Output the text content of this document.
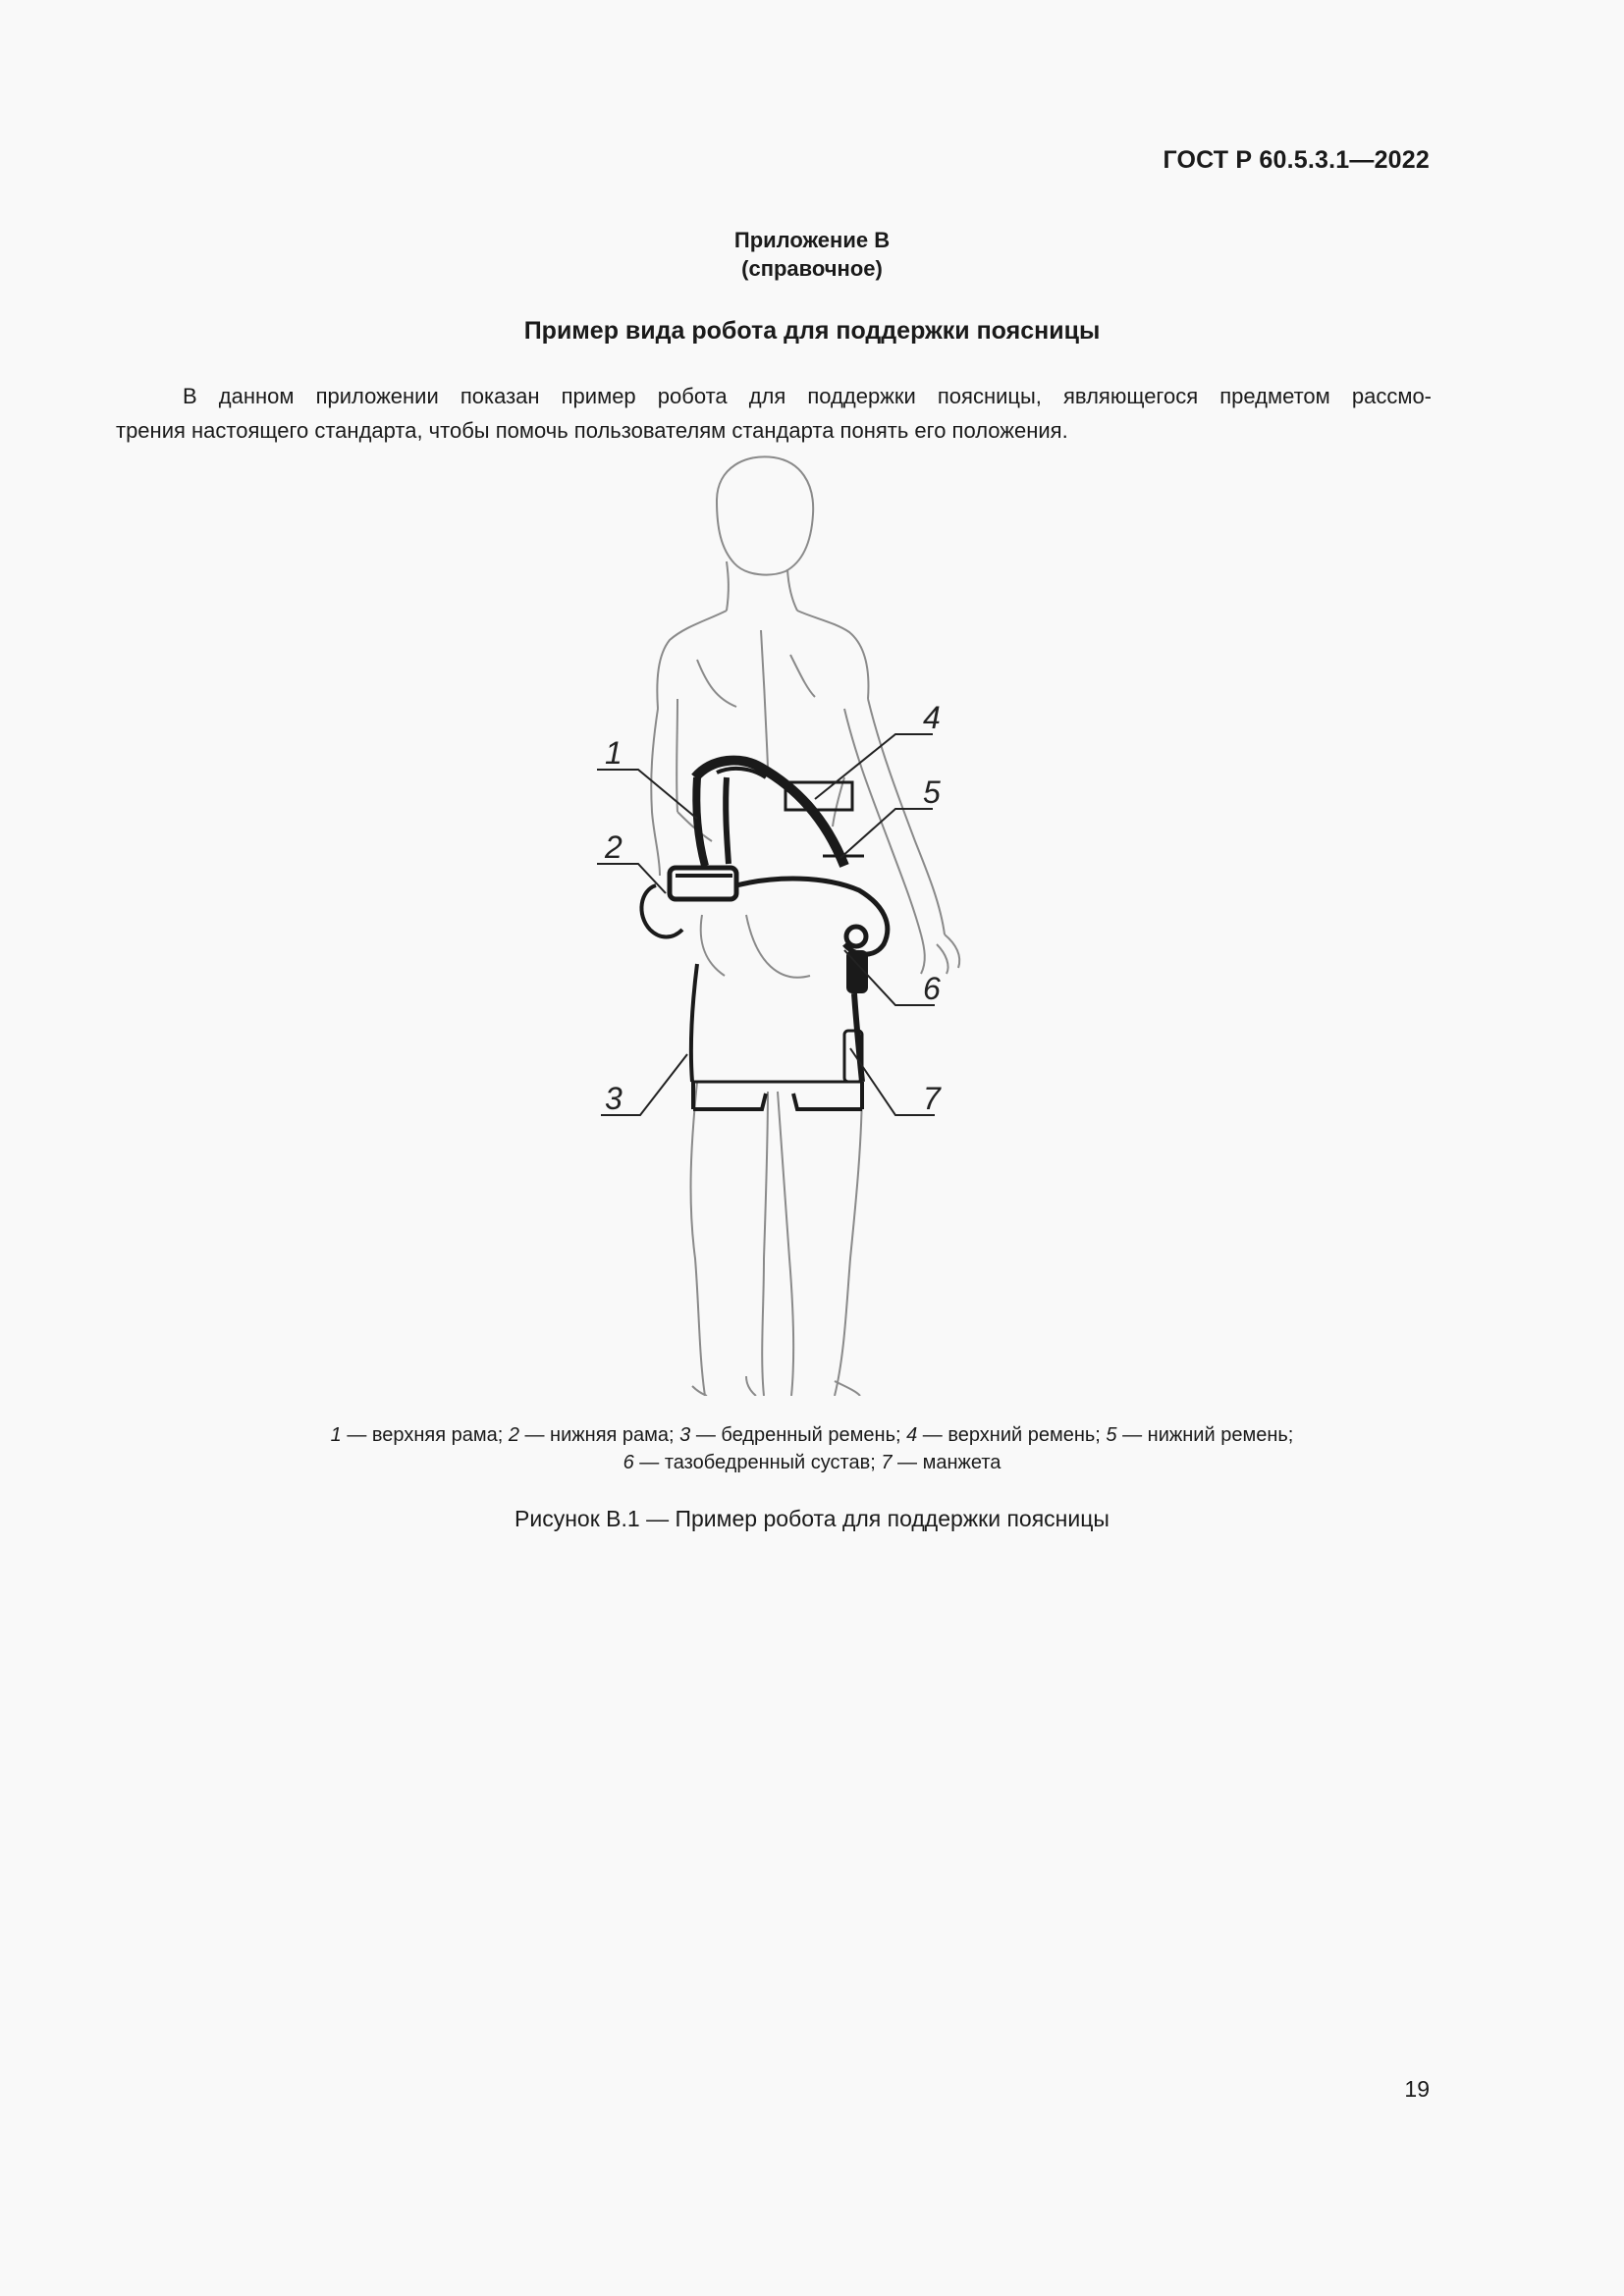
ГОСТ Р 60.5.3.1—2022
Приложение В
(справочное)
Пример вида робота для поддержки поясницы
В данном приложении показан пример робота для поддержки поясницы, являющегося предметом рассмо-
трения настоящего стандарта, чтобы помочь пользователям стандарта понять его положения.
1
2
3
4
5
6
7
1 — верхняя рама; 2 — нижняя рама; 3 — бедренный ремень; 4 — верхний ремень; 5 — нижний ремень;
6 — тазобедренный сустав; 7 — манжета
Рисунок В.1 — Пример робота для поддержки поясницы
19
